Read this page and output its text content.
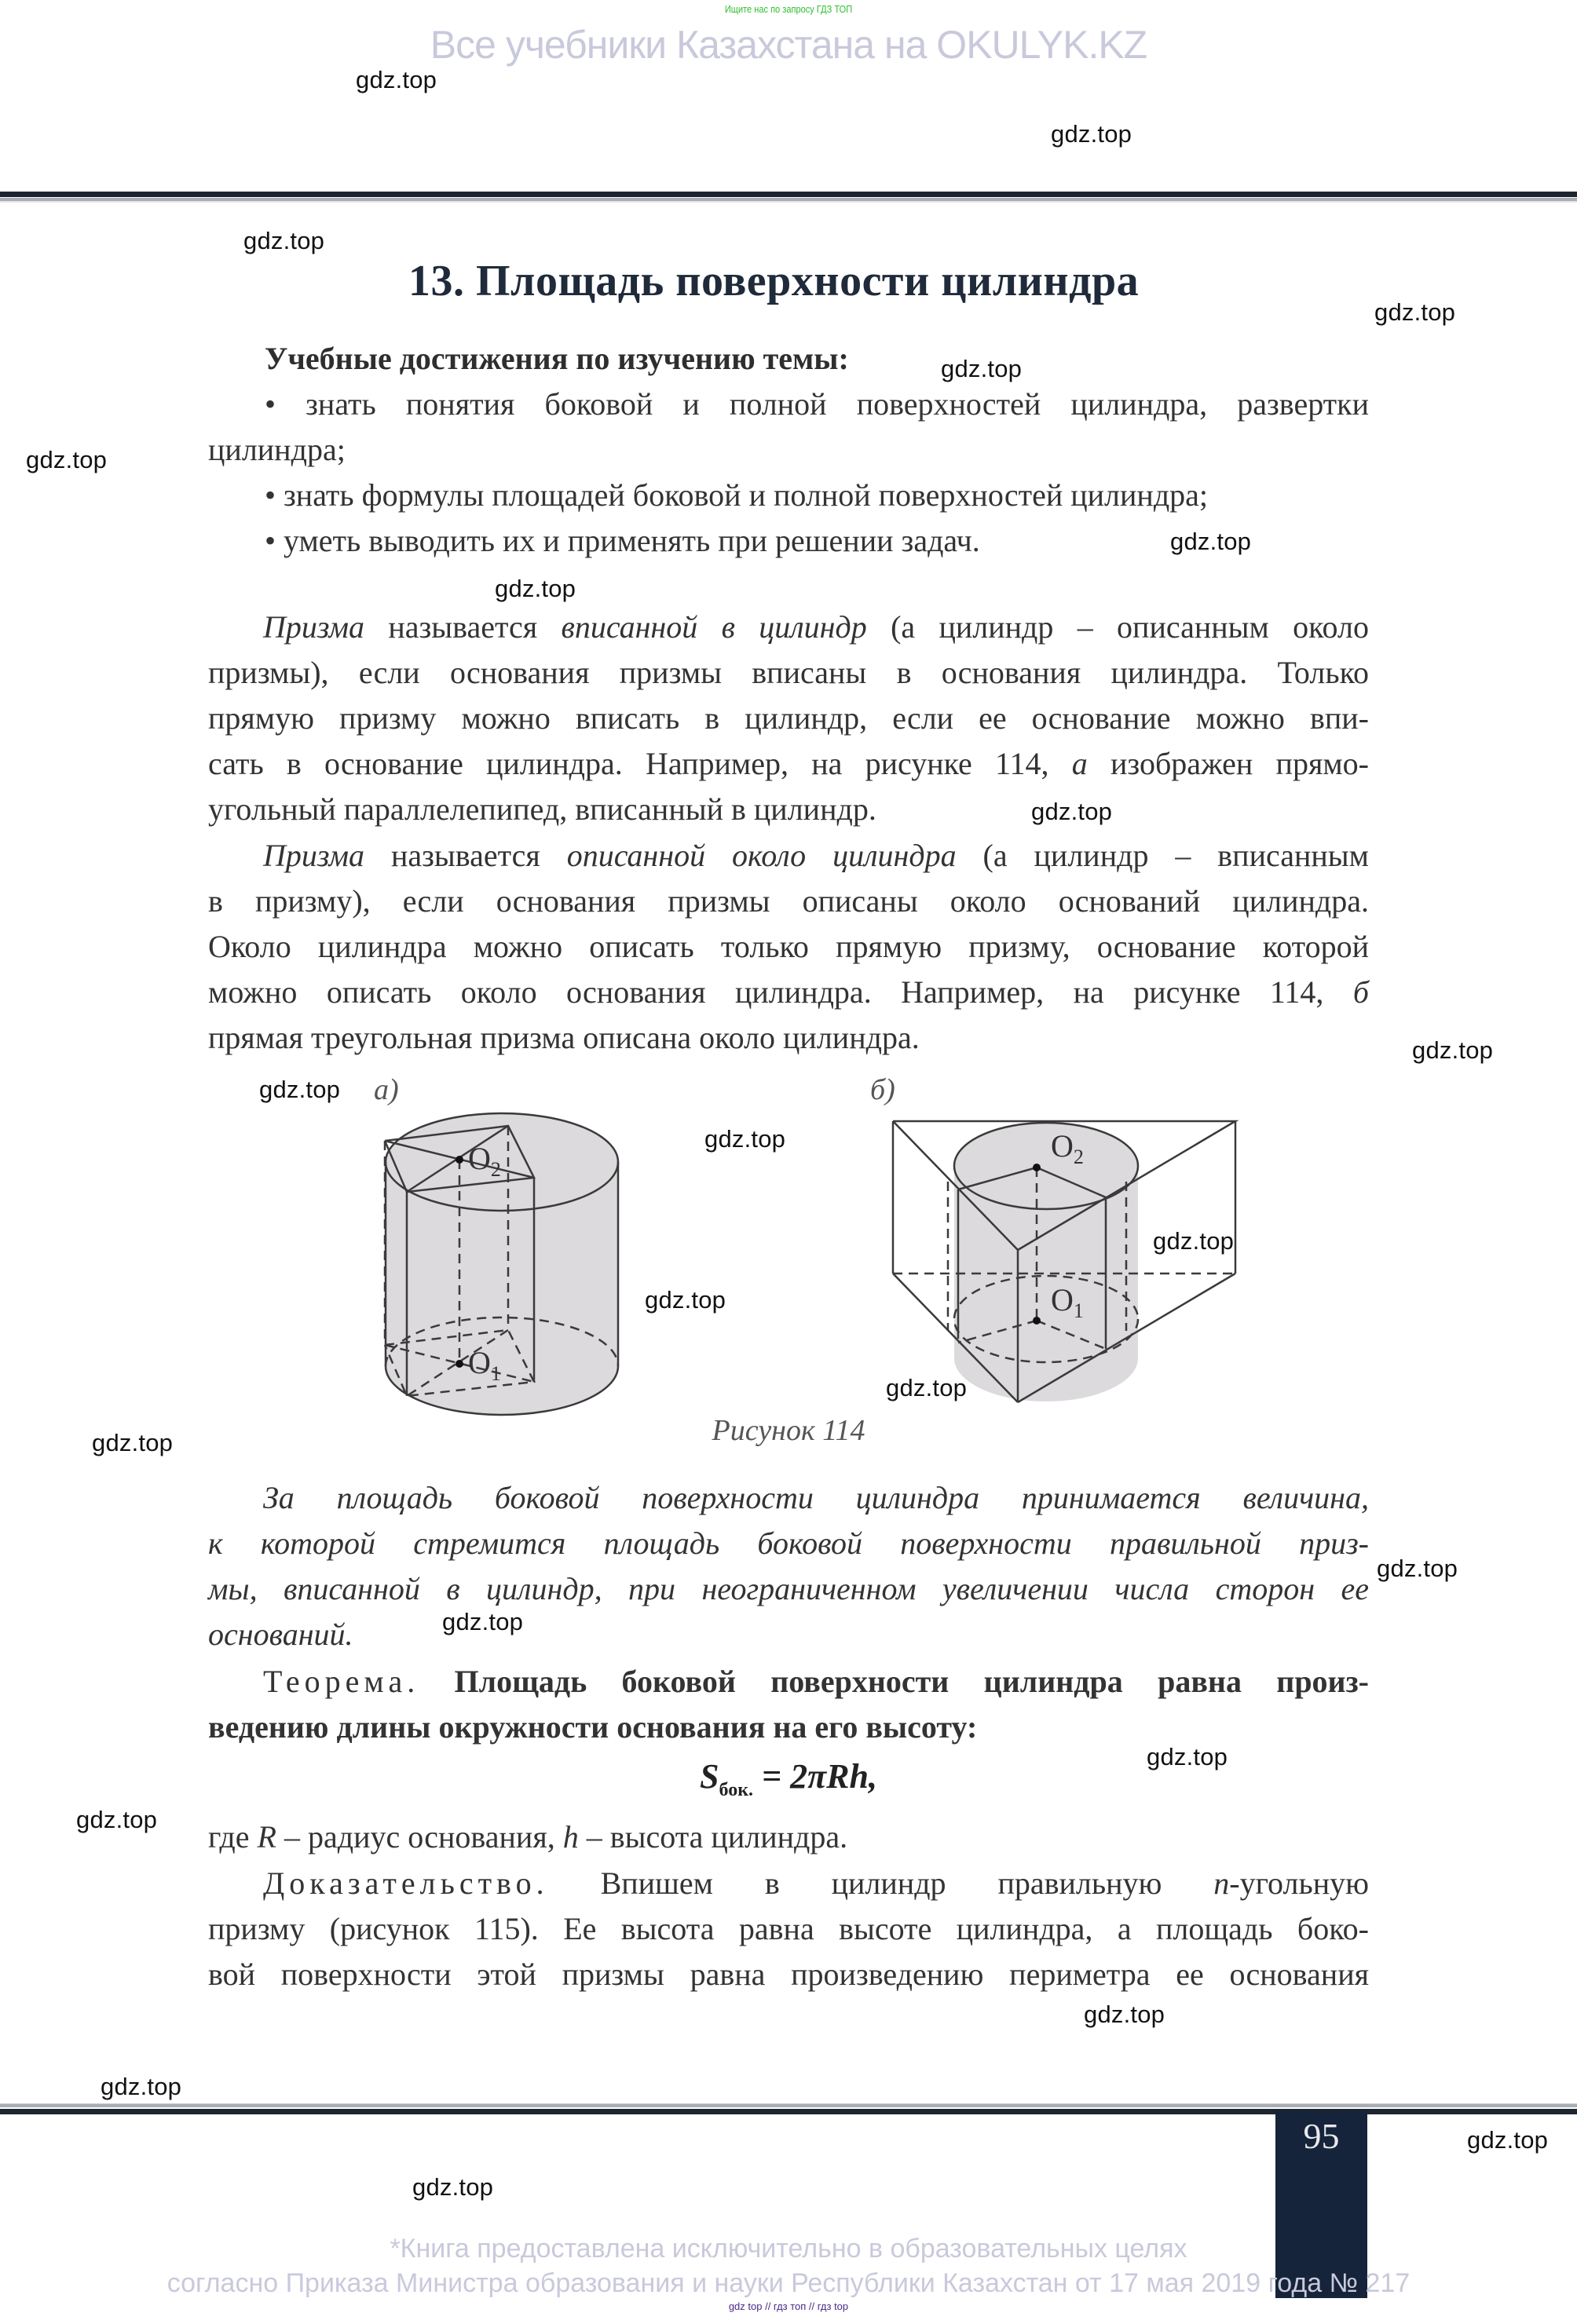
Ищите нас по запросу ГДЗ ТОП
Все учебники Казахстана на OKULYK.KZ
13. Площадь поверхности цилиндра
Учебные достижения по изучению темы:
• знать понятия боковой и полной поверхностей цилиндра, развертки
цилиндра;
• знать формулы площадей боковой и полной поверхностей цилиндра;
• уметь выводить их и применять при решении задач.
Призма называется вписанной в цилиндр (а цилиндр – описанным около
призмы), если основания призмы вписаны в основания цилиндра. Только
прямую призму можно вписать в цилиндр, если ее основание можно впи-
сать в основание цилиндра. Например, на рисунке 114, а изображен прямо-
угольный параллелепипед, вписанный в цилиндр.
Призма называется описанной около цилиндра (а цилиндр – вписанным
в призму), если основания призмы описаны около оснований цилиндра.
Около цилиндра можно описать только прямую призму, основание которой
можно описать около основания цилиндра. Например, на рисунке 114, б
прямая треугольная призма описана около цилиндра.
а)	б)
$O_2$
$O_1$
$O_2$
$O_1$
Рисунок 114
За площадь боковой поверхности цилиндра принимается величина,
к которой стремится площадь боковой поверхности правильной приз-
мы, вписанной в цилиндр, при неограниченном увеличении числа сторон ее
оснований.
Теорема. Площадь боковой поверхности цилиндра равна произ-
ведению длины окружности основания на его высоту:
$S_{бок.} = 2\pi Rh$,
где R – радиус основания, h – высота цилиндра.
Доказательство. Впишем в цилиндр правильную n-угольную
призму (рисунок 115). Ее высота равна высоте цилиндра, а площадь боко-
вой поверхности этой призмы равна произведению периметра ее основания
95
*Книга предоставлена исключительно в образовательных целях
согласно Приказа Министра образования и науки Республики Казахстан от 17 мая 2019 года № 217
gdz top // гдз топ // гдз top
gdz.top
gdz.top
gdz.top
gdz.top
gdz.top
gdz.top
gdz.top
gdz.top
gdz.top
gdz.top
gdz.top
gdz.top
gdz.top
gdz.top
gdz.top
gdz.top
gdz.top
gdz.top
gdz.top
gdz.top
gdz.top
gdz.top
gdz.top
gdz.top
